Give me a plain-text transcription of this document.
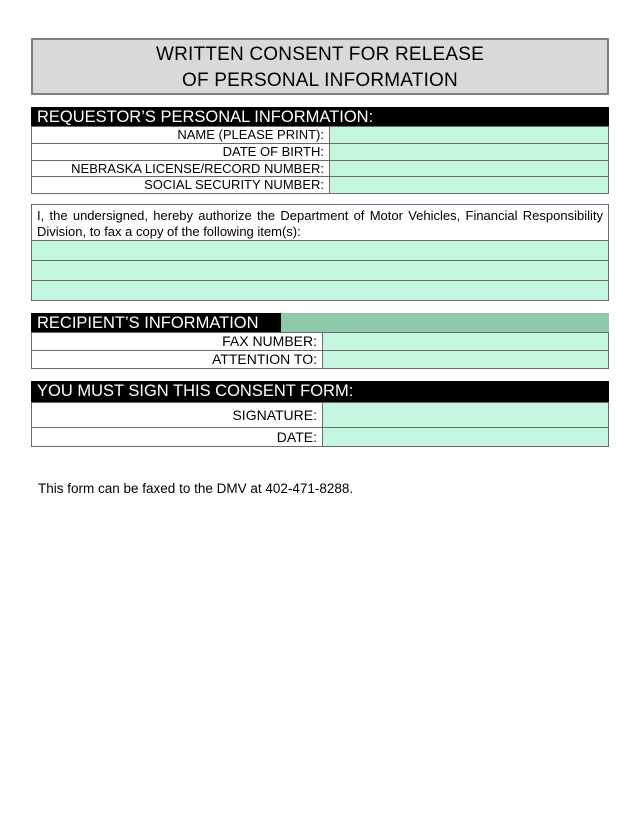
WRITTEN CONSENT FOR RELEASE
OF PERSONAL INFORMATION
REQUESTOR’S PERSONAL INFORMATION:
NAME (PLEASE PRINT):
DATE OF BIRTH:
NEBRASKA LICENSE/RECORD NUMBER:
SOCIAL SECURITY NUMBER:
I, the undersigned, hereby authorize the Department of Motor Vehicles, Financial Responsibility Division, to fax a copy of the following item(s):
RECIPIENT’S INFORMATION
FAX NUMBER:
ATTENTION TO:
YOU MUST SIGN THIS CONSENT FORM:
SIGNATURE:
DATE:
This form can be faxed to the DMV at 402-471-8288.
